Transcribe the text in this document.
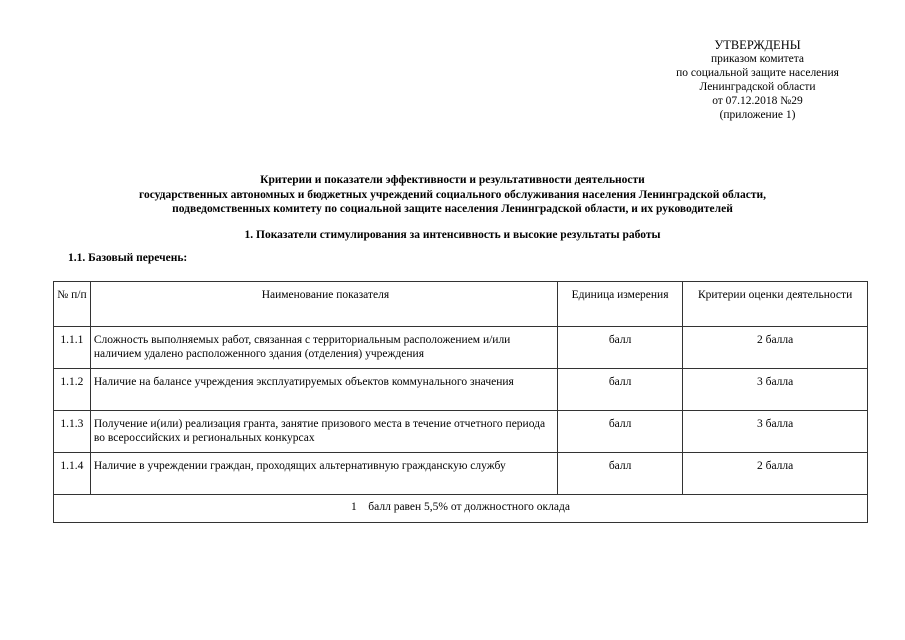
УТВЕРЖДЕНЫ
приказом комитета
по социальной защите населения
Ленинградской области
от 07.12.2018 №29
(приложение 1)
Критерии и показатели эффективности и результативности деятельности
государственных автономных и бюджетных учреждений социального обслуживания населения Ленинградской области,
подведомственных комитету по социальной защите населения Ленинградской области, и их руководителей
1. Показатели стимулирования за интенсивность и высокие результаты работы
1.1. Базовый перечень:
№ п/п	Наименование показателя	Единица измерения	Критерии оценки деятельности
1.1.1	Сложность выполняемых работ, связанная с территориальным расположением и/или наличием удалено расположенного здания (отделения) учреждения	балл	2 балла
1.1.2	Наличие на балансе учреждения эксплуатируемых объектов коммунального значения	балл	3 балла
1.1.3	Получение и(или) реализация гранта, занятие призового места в течение отчетного периода во всероссийских и региональных конкурсах	балл	3 балла
1.1.4	Наличие в учреждении граждан, проходящих альтернативную гражданскую службу	балл	2 балла
1    балл равен 5,5% от должностного оклада			
